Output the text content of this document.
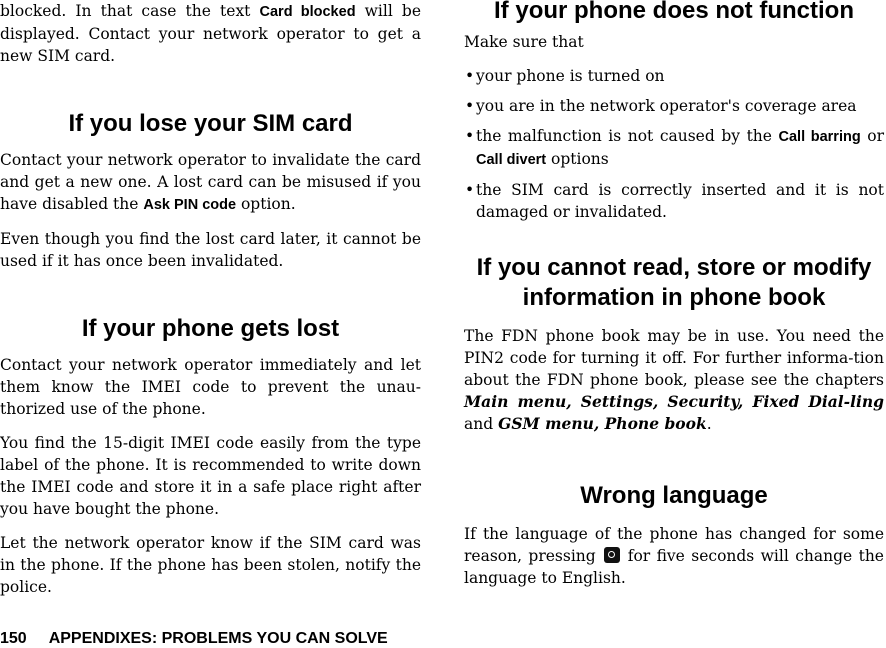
blocked. In that case the text Card blocked will be displayed. Contact your network operator to get a new SIM card.

If you lose your SIM card

Contact your network operator to invalidate the card and get a new one. A lost card can be misused if you have disabled the Ask PIN code option.

Even though you find the lost card later, it cannot be used if it has once been invalidated.

If your phone gets lost

Contact your network operator immediately and let them know the IMEI code to prevent the unau-thorized use of the phone.

You find the 15-digit IMEI code easily from the type label of the phone. It is recommended to write down the IMEI code and store it in a safe place right after you have bought the phone.

Let the network operator know if the SIM card was in the phone. If the phone has been stolen, notify the police.

If your phone does not function

Make sure that

• your phone is turned on
• you are in the network operator's coverage area
• the malfunction is not caused by the Call barring or Call divert options
• the SIM card is correctly inserted and it is not damaged or invalidated.
If you cannot read, store or modify information in phone book

The FDN phone book may be in use. You need the PIN2 code for turning it off. For further informa-tion about the FDN phone book, please see the chapters Main menu, Settings, Security, Fixed Dial-ling and GSM menu, Phone book.

Wrong language

If the language of the phone has changed for some reason, pressing for five seconds will change the language to English.

150 APPENDIXES: PROBLEMS YOU CAN SOLVE
